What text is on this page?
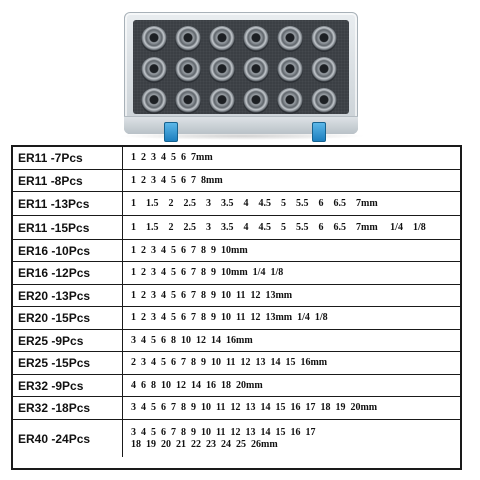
ER11 -7Pcs	1  2  3  4  5  6  7mm
ER11 -8Pcs	1  2  3  4  5  6  7  8mm
ER11 -13Pcs	1    1.5    2    2.5    3    3.5    4    4.5    5    5.5    6    6.5    7mm
ER11 -15Pcs	1    1.5    2    2.5    3    3.5    4    4.5    5    5.5    6    6.5    7mm     1/4    1/8
ER16 -10Pcs	1  2  3  4  5  6  7  8  9  10mm
ER16 -12Pcs	1  2  3  4  5  6  7  8  9  10mm  1/4  1/8
ER20 -13Pcs	1  2  3  4  5  6  7  8  9  10  11  12  13mm
ER20 -15Pcs	1  2  3  4  5  6  7  8  9  10  11  12  13mm  1/4  1/8
ER25 -9Pcs	3  4  5  6  8  10  12  14  16mm
ER25 -15Pcs	2  3  4  5  6  7  8  9  10  11  12  13  14  15  16mm
ER32 -9Pcs	4  6  8  10  12  14  16  18  20mm
ER32 -18Pcs	3  4  5  6  7  8  9  10  11  12  13  14  15  16  17  18  19  20mm
ER40 -24Pcs	3  4  5  6  7  8  9  10  11  12  13  14  15  16  17
18  19  20  21  22  23  24  25  26mm
